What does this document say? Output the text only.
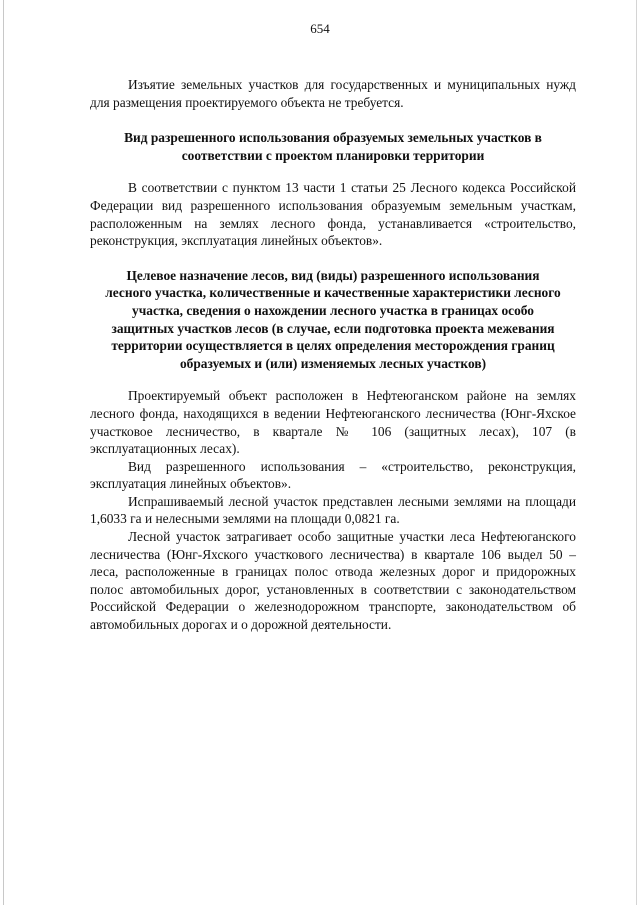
654

Изъятие земельных участков для государственных и муниципальных нужд для размещения проектируемого объекта не требуется.

Вид разрешенного использования образуемых земельных участков в соответствии с проектом планировки территории

В соответствии с пунктом 13 части 1 статьи 25 Лесного кодекса Российской Федерации вид разрешенного использования образуемым земельным участкам, расположенным на землях лесного фонда, устанавливается «строительство, реконструкция, эксплуатация линейных объектов».

Целевое назначение лесов, вид (виды) разрешенного использования лесного участка, количественные и качественные характеристики лесного участка, сведения о нахождении лесного участка в границах особо защитных участков лесов (в случае, если подготовка проекта межевания территории осуществляется в целях определения месторождения границ образуемых и (или) изменяемых лесных участков)

Проектируемый объект расположен в Нефтеюганском районе на землях лесного фонда, находящихся в ведении Нефтеюганского лесничества (Юнг-Яхское участковое лесничество, в квартале № 106 (защитных лесах), 107 (в эксплуатационных лесах).

Вид разрешенного использования – «строительство, реконструкция, эксплуатация линейных объектов».

Испрашиваемый лесной участок представлен лесными землями на площади 1,6033 га и нелесными землями на площади 0,0821 га.

Лесной участок затрагивает особо защитные участки леса Нефтеюганского лесничества (Юнг-Яхского участкового лесничества) в квартале 106 выдел 50 – леса, расположенные в границах полос отвода железных дорог и придорожных полос автомобильных дорог, установленных в соответствии с законодательством Российской Федерации о железнодорожном транспорте, законодательством об автомобильных дорогах и о дорожной деятельности.
